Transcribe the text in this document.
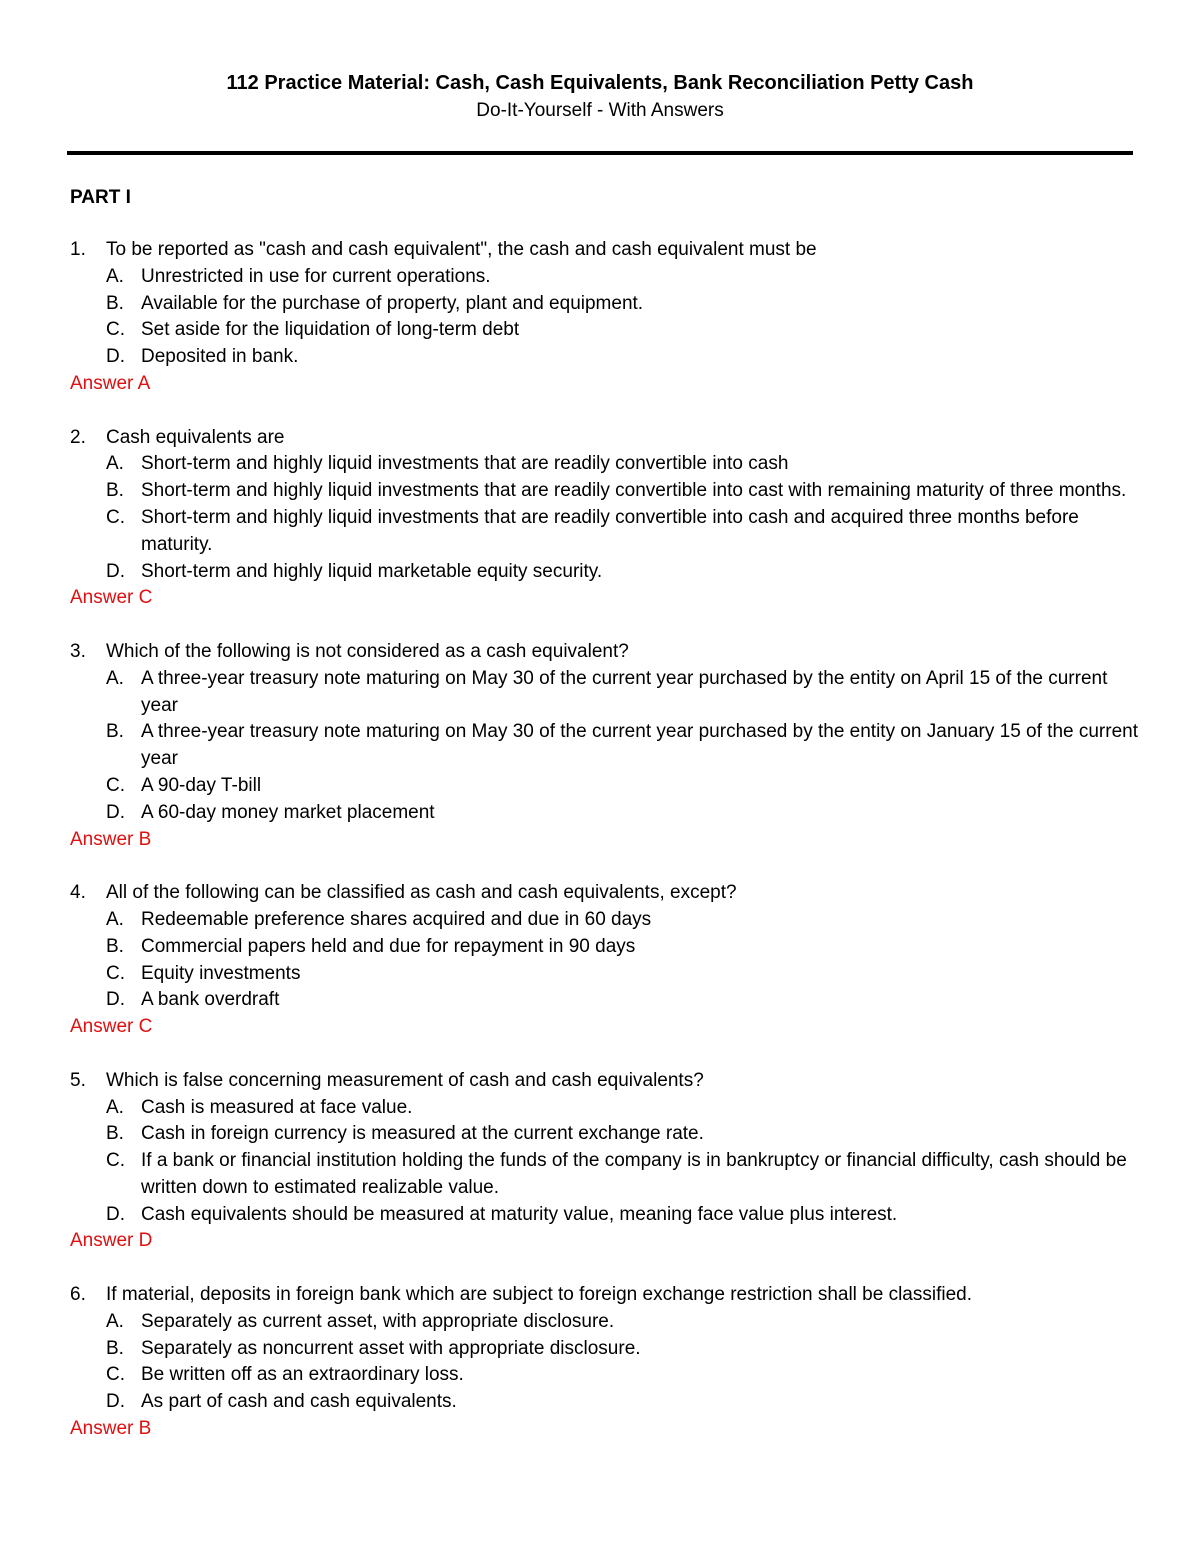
112 Practice Material: Cash, Cash Equivalents, Bank Reconciliation Petty Cash
Do-It-Yourself - With Answers
PART I
1.	To be reported as "cash and cash equivalent", the cash and cash equivalent must be
A. Unrestricted in use for current operations.
B. Available for the purchase of property, plant and equipment.
C. Set aside for the liquidation of long-term debt
D. Deposited in bank.
Answer A
2.	Cash equivalents are
A. Short-term and highly liquid investments that are readily convertible into cash
B. Short-term and highly liquid investments that are readily convertible into cast with remaining maturity of three months.
C. Short-term and highly liquid investments that are readily convertible into cash and acquired three months before maturity.
D. Short-term and highly liquid marketable equity security.
Answer C
3.	Which of the following is not considered as a cash equivalent?
A. A three-year treasury note maturing on May 30 of the current year purchased by the entity on April 15 of the current year
B. A three-year treasury note maturing on May 30 of the current year purchased by the entity on January 15 of the current year
C. A 90-day T-bill
D. A 60-day money market placement
Answer B
4.	All of the following can be classified as cash and cash equivalents, except?
A. Redeemable preference shares acquired and due in 60 days
B. Commercial papers held and due for repayment in 90 days
C. Equity investments
D. A bank overdraft
Answer C
5.	Which is false concerning measurement of cash and cash equivalents?
A. Cash is measured at face value.
B. Cash in foreign currency is measured at the current exchange rate.
C. If a bank or financial institution holding the funds of the company is in bankruptcy or financial difficulty, cash should be written down to estimated realizable value.
D. Cash equivalents should be measured at maturity value, meaning face value plus interest.
Answer D
6.	If material, deposits in foreign bank which are subject to foreign exchange restriction shall be classified.
A. Separately as current asset, with appropriate disclosure.
B. Separately as noncurrent asset with appropriate disclosure.
C. Be written off as an extraordinary loss.
D. As part of cash and cash equivalents.
Answer B
